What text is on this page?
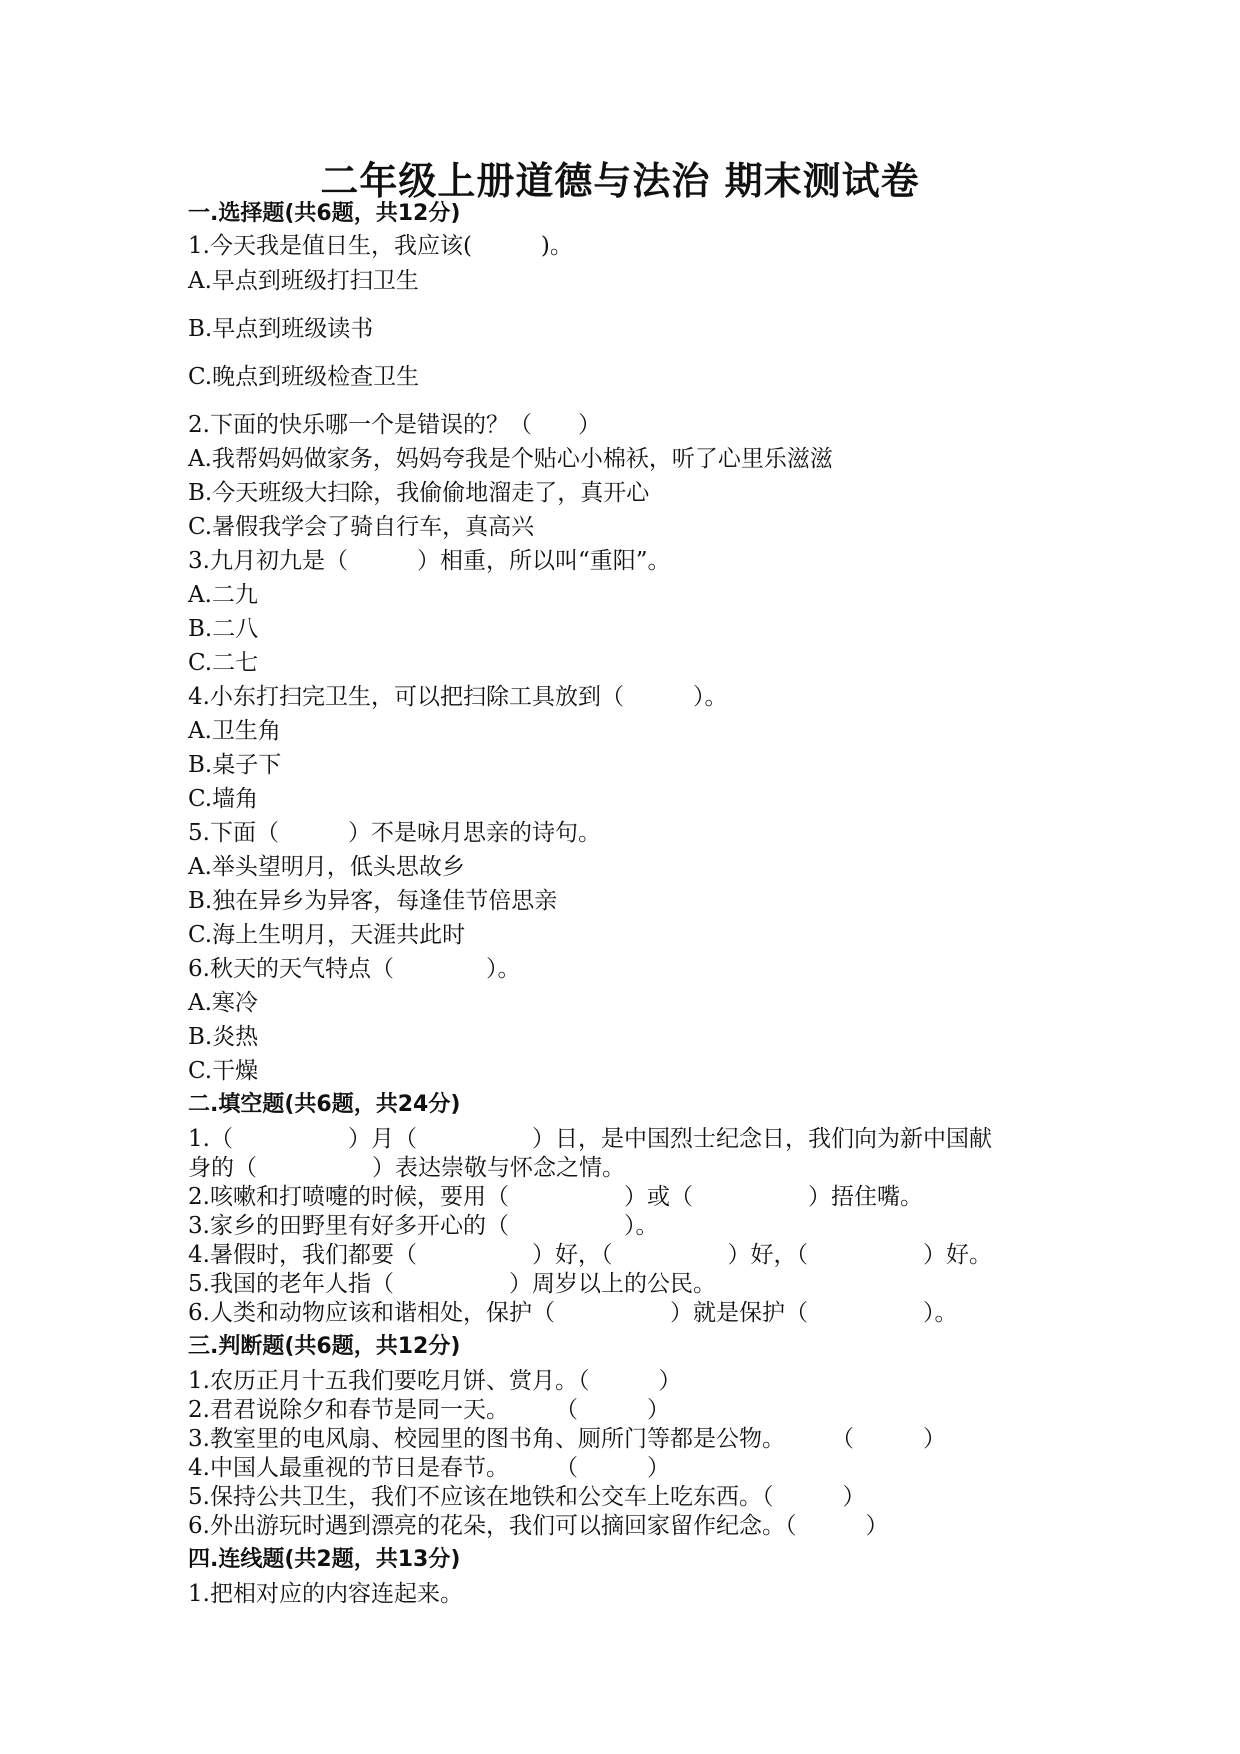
二年级上册道德与法治 期末测试卷
一.选择题(共6题，共12分)
1.今天我是值日生，我应该(　　　)。
A.早点到班级打扫卫生
B.早点到班级读书
C.晚点到班级检查卫生
2.下面的快乐哪一个是错误的？（　　）
A.我帮妈妈做家务，妈妈夸我是个贴心小棉袄，听了心里乐滋滋
B.今天班级大扫除，我偷偷地溜走了，真开心
C.暑假我学会了骑自行车，真高兴
3.九月初九是（　　　）相重，所以叫“重阳”。
A.二九
B.二八
C.二七
4.小东打扫完卫生，可以把扫除工具放到（　　　）。
A.卫生角
B.桌子下
C.墙角
5.下面（　　　）不是咏月思亲的诗句。
A.举头望明月，低头思故乡
B.独在异乡为异客，每逢佳节倍思亲
C.海上生明月，天涯共此时
6.秋天的天气特点（　　　　）。
A.寒冷
B.炎热
C.干燥
二.填空题(共6题，共24分)
1.（　　　　　）月（　　　　　）日，是中国烈士纪念日，我们向为新中国献
身的（　　　　　）表达崇敬与怀念之情。
2.咳嗽和打喷嚏的时候，要用（　　　　　）或（　　　　　）捂住嘴。
3.家乡的田野里有好多开心的（　　　　　）。
4.暑假时，我们都要（　　　　　）好，（　　　　　）好，（　　　　　）好。
5.我国的老年人指（　　　　　）周岁以上的公民。
6.人类和动物应该和谐相处，保护（　　　　　）就是保护（　　　　　）。
三.判断题(共6题，共12分)
1.农历正月十五我们要吃月饼、赏月。（　　　）
2.君君说除夕和春节是同一天。　　　（　　　）
3.教室里的电风扇、校园里的图书角、厕所门等都是公物。　　　（　　　）
4.中国人最重视的节日是春节。　　　（　　　）
5.保持公共卫生，我们不应该在地铁和公交车上吃东西。（　　　）
6.外出游玩时遇到漂亮的花朵，我们可以摘回家留作纪念。（　　　）
四.连线题(共2题，共13分)
1.把相对应的内容连起来。
